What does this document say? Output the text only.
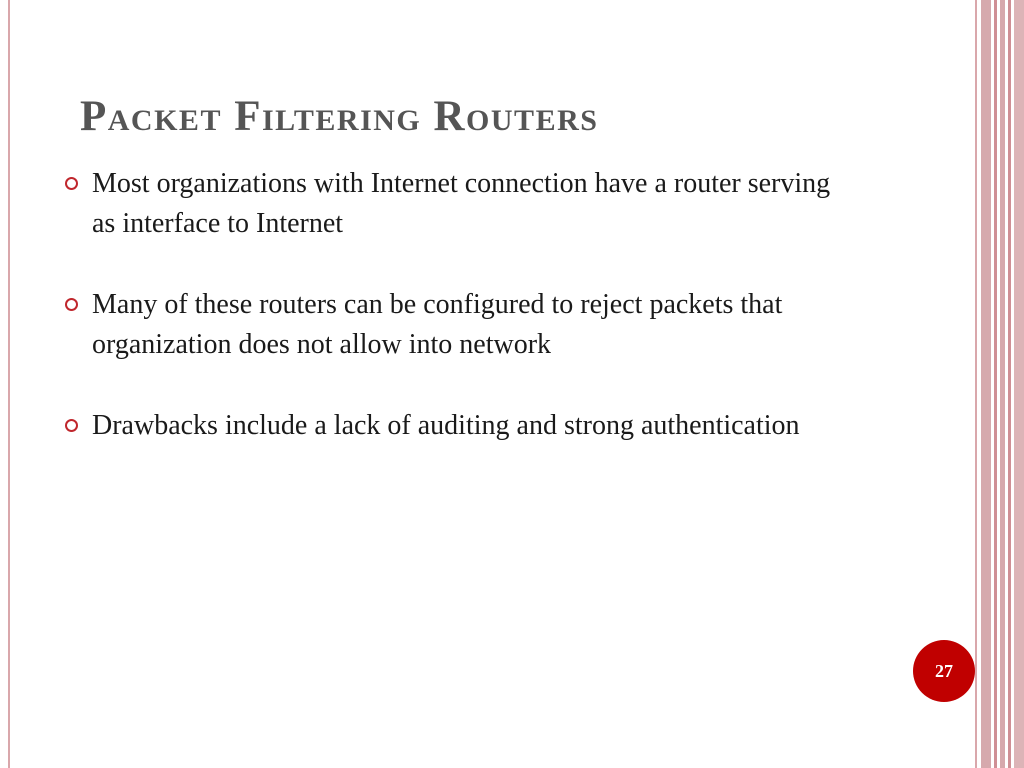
Packet Filtering Routers
Most organizations with Internet connection have a router serving as interface to Internet
Many of these routers can be configured to reject packets that organization does not allow into network
Drawbacks include a lack of auditing and strong authentication
27
